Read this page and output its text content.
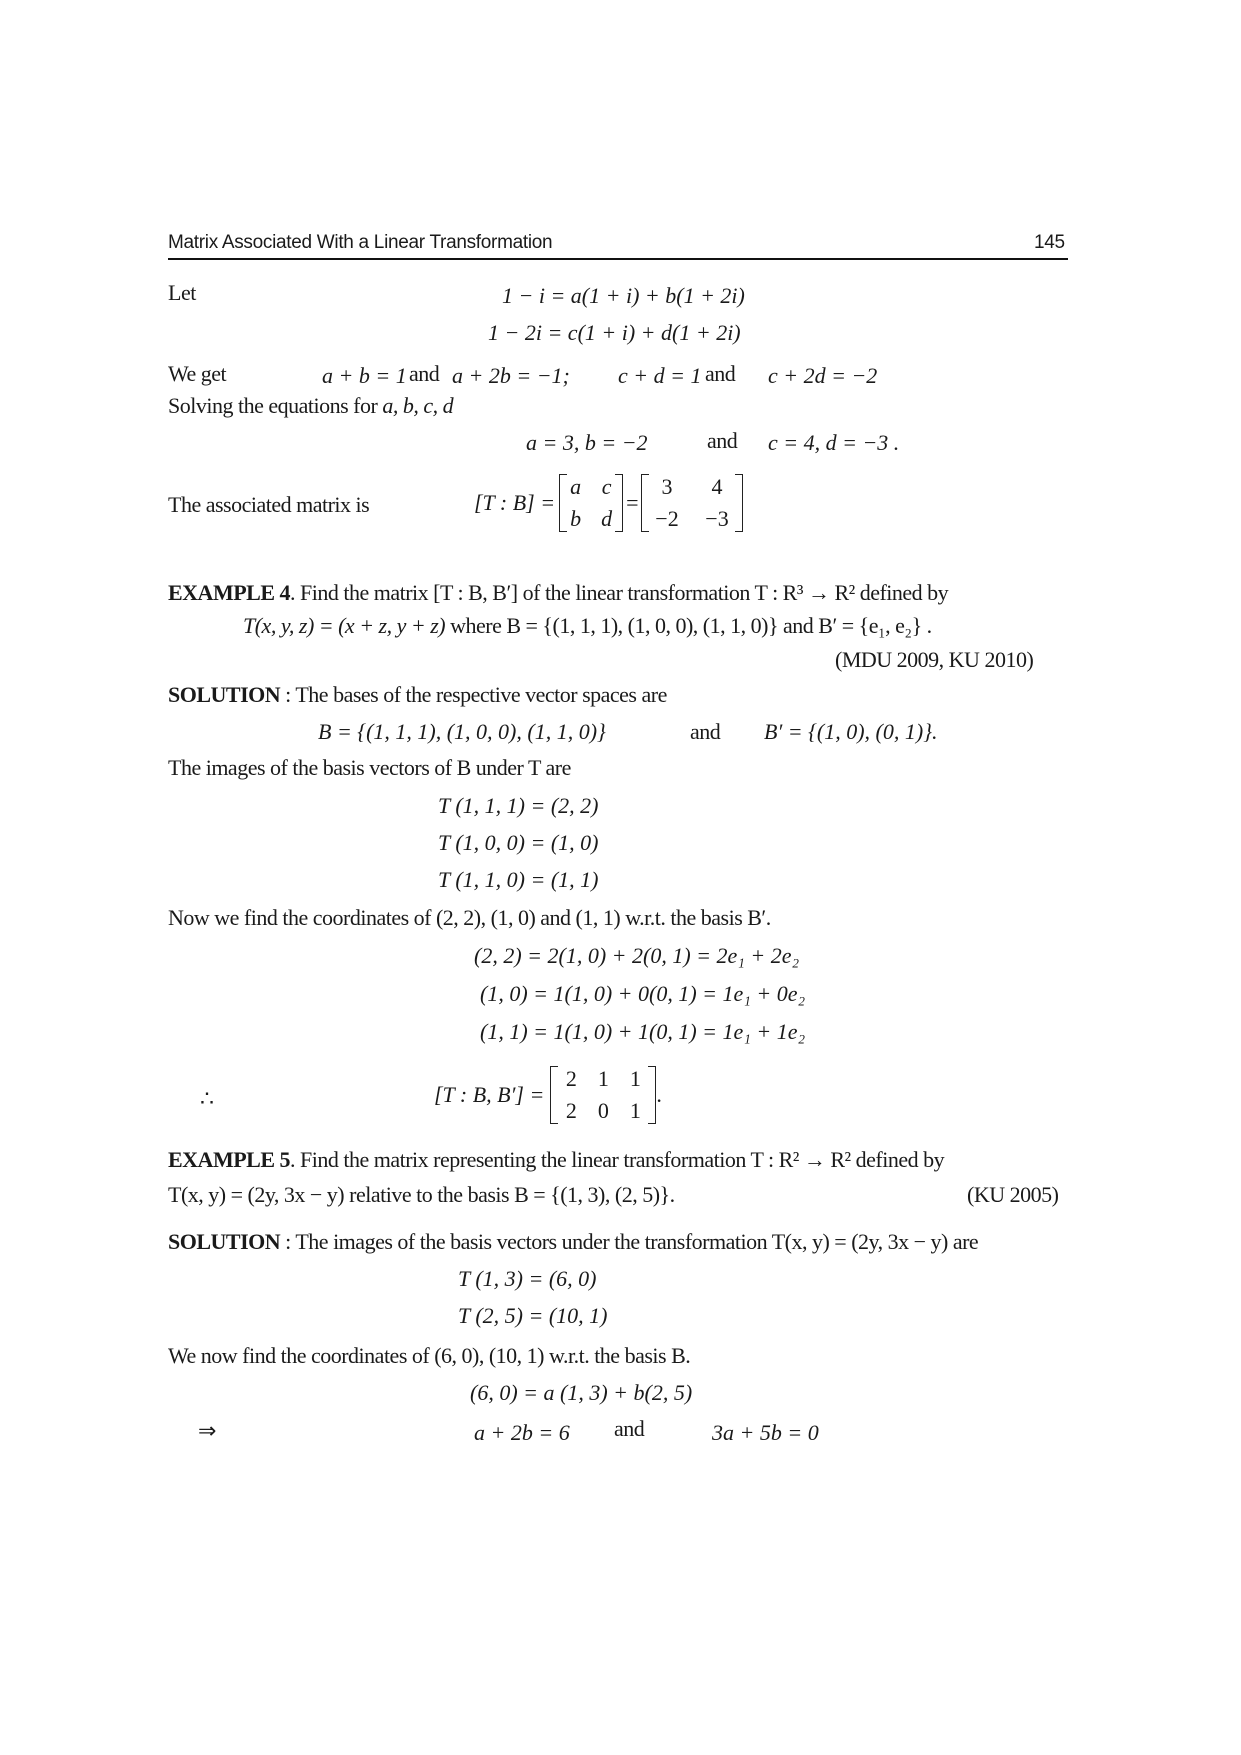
Matrix Associated With a Linear Transformation	145
Let	1 − i = a(1 + i) + b(1 + 2i)
1 − 2i = c(1 + i) + d(1 + 2i)
We get	a + b = 1 and a + 2b = −1; c + d = 1 and c + 2d = −2
Solving the equations for a, b, c, d
a = 3, b = −2	and c = 4, d = −3 .
The associated matrix is	[T : B] =
a c
b d
=
3	4
−2 −3
EXAMPLE 4. Find the matrix [T : B, B′] of the linear transformation T : R³ → R² defined by
T(x, y, z) = (x + z, y + z) where B = {(1, 1, 1), (1, 0, 0), (1, 1, 0)} and B′ = {e₁, e₂} .
(MDU 2009, KU 2010)
SOLUTION : The bases of the respective vector spaces are
B = {(1, 1, 1), (1, 0, 0), (1, 1, 0)}	and B′ = {(1, 0), (0, 1)}.
The images of the basis vectors of B under T are
T (1, 1, 1) = (2, 2)
T (1, 0, 0) = (1, 0)
T (1, 1, 0) = (1, 1)
Now we find the coordinates of (2, 2), (1, 0) and (1, 1) w.r.t. the basis B′.
(2, 2) = 2(1, 0) + 2(0, 1) = 2e₁ + 2e₂
(1, 0) = 1(1, 0) + 0(0, 1) = 1e₁ + 0e₂
(1, 1) = 1(1, 0) + 1(0, 1) = 1e₁ + 1e₂
∴	[T : B, B′] =
2 1 1
2 0 1
.
EXAMPLE 5. Find the matrix representing the linear transformation T : R² → R² defined by
T(x, y) = (2y, 3x − y) relative to the basis B = {(1, 3), (2, 5)}.	(KU 2005)
SOLUTION : The images of the basis vectors under the transformation T(x, y) = (2y, 3x − y) are
T (1, 3) = (6, 0)
T (2, 5) = (10, 1)
We now find the coordinates of (6, 0), (10, 1) w.r.t. the basis B.
(6, 0) = a (1, 3) + b(2, 5)
⇒	a + 2b = 6 and	3a + 5b = 0
